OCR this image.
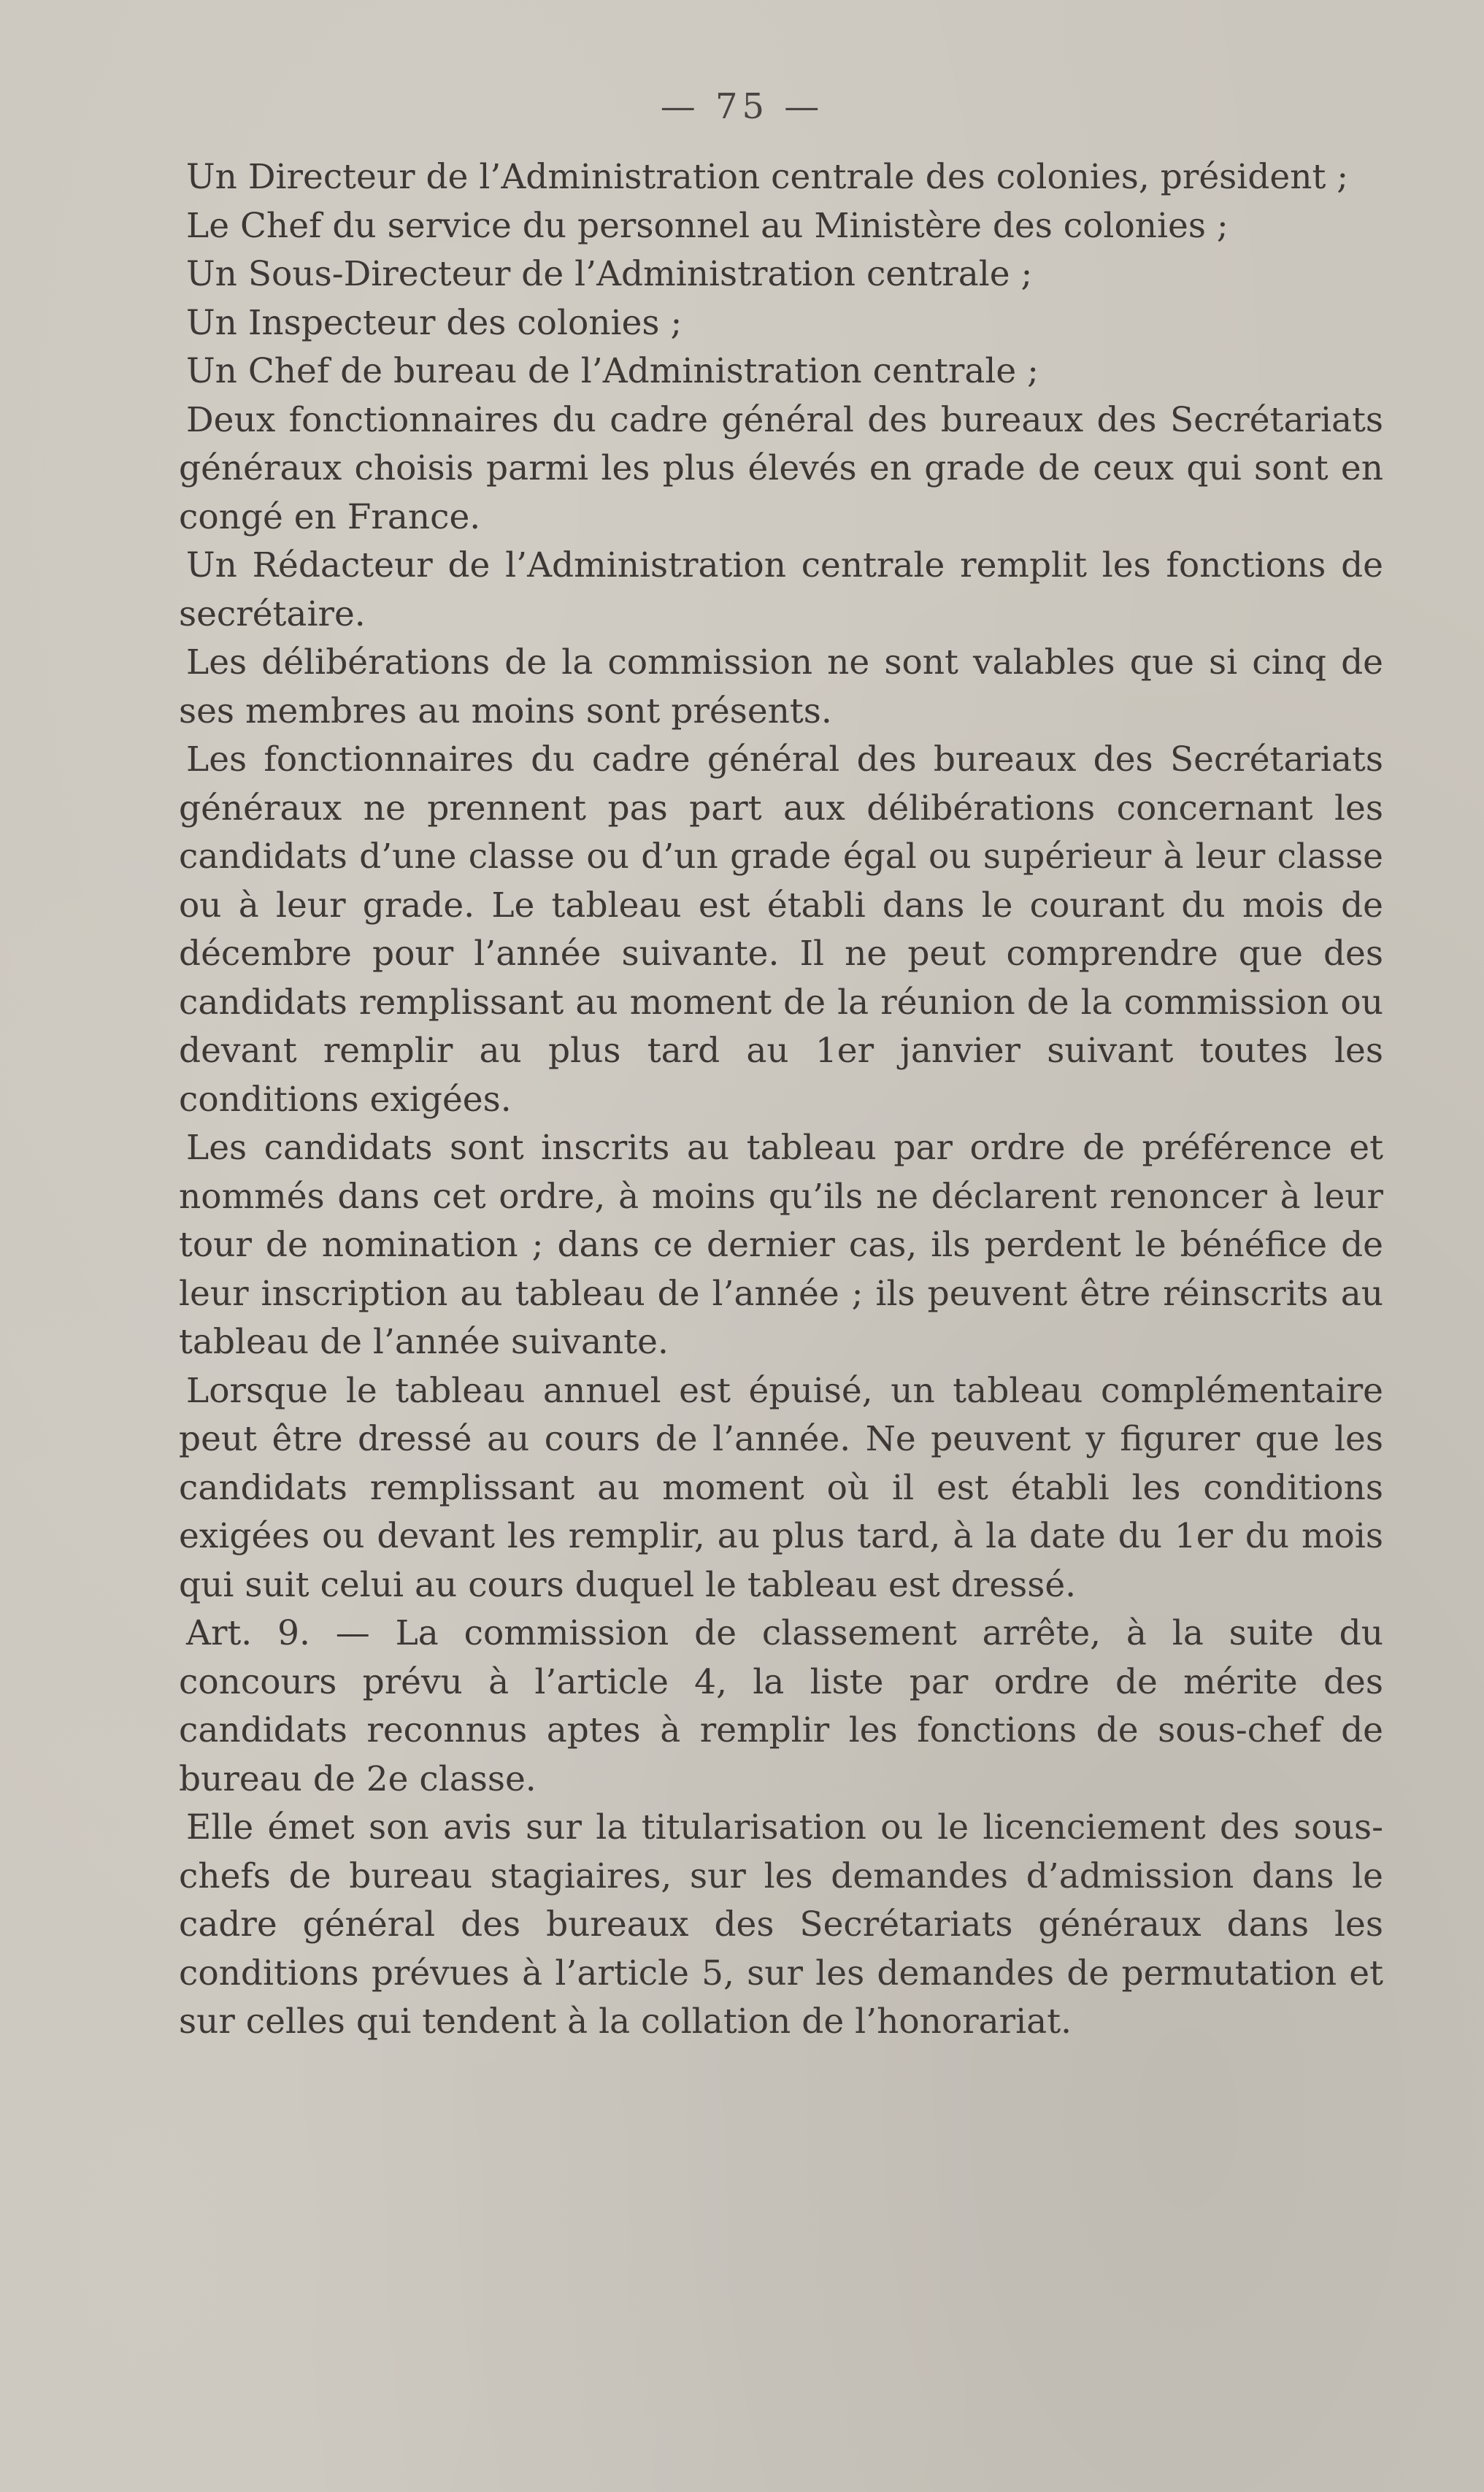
— 75 —

Un Directeur de l’Administration centrale des colonies, président ;

Le Chef du service du personnel au Ministère des colonies ;

Un Sous-Directeur de l’Administration centrale ;

Un Inspecteur des colonies ;

Un Chef de bureau de l’Administration centrale ;

Deux fonctionnaires du cadre général des bureaux des Secrétariats généraux choisis parmi les plus élevés en grade de ceux qui sont en congé en France.

Un Rédacteur de l’Administration centrale remplit les fonctions de secrétaire.

Les délibérations de la commission ne sont valables que si cinq de ses membres au moins sont présents.

Les fonctionnaires du cadre général des bureaux des Secrétariats généraux ne prennent pas part aux délibérations concernant les candidats d’une classe ou d’un grade égal ou supérieur à leur classe ou à leur grade. Le tableau est établi dans le courant du mois de décembre pour l’année suivante. Il ne peut comprendre que des candidats remplissant au moment de la réunion de la commission ou devant remplir au plus tard au 1er janvier suivant toutes les conditions exigées.

Les candidats sont inscrits au tableau par ordre de préférence et nommés dans cet ordre, à moins qu’ils ne déclarent renoncer à leur tour de nomination ; dans ce dernier cas, ils perdent le bénéfice de leur inscription au tableau de l’année ; ils peuvent être réinscrits au tableau de l’année suivante.

Lorsque le tableau annuel est épuisé, un tableau complémentaire peut être dressé au cours de l’année. Ne peuvent y figurer que les candidats remplissant au moment où il est établi les conditions exigées ou devant les remplir, au plus tard, à la date du 1er du mois qui suit celui au cours duquel le tableau est dressé.

Art. 9. — La commission de classement arrête, à la suite du concours prévu à l’article 4, la liste par ordre de mérite des candidats reconnus aptes à remplir les fonctions de sous-chef de bureau de 2e classe.

Elle émet son avis sur la titularisation ou le licenciement des sous-chefs de bureau stagiaires, sur les demandes d’admission dans le cadre général des bureaux des Secrétariats généraux dans les conditions prévues à l’article 5, sur les demandes de permutation et sur celles qui tendent à la collation de l’honorariat.
